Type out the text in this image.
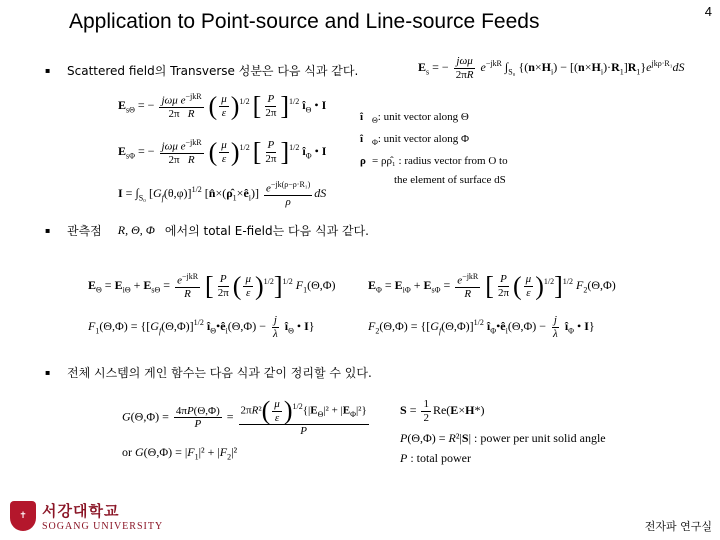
Application to Point-source and Line-source Feeds	4
▪	Scattered field의 Transverse 성분은 다음 식과 같다.	$E_s$ = − $\frac{\text{jωμ}}{2\pi R} e^{-jkR}$ $\int_{S_0}$ $\{(n\times H_i) - [(n\times H_i)\cdot R_1]R_1\}e^{jk\rho\cdot R_1}dS$
$E_{s\Theta}$ = − $\frac{j\omega\mu e^{-jkR}}{\text{2π   R}}$ ( $\frac{\mu}{\varepsilon} )^{1/2}$ [ $\frac{P}{2\pi} ]^{1/2}$ $î_\Theta$ • I
$E_{s\Phi}$ = − $\frac{j\omega\mu e^{-jkR}}{\text{2π   R}}$ ( $\frac{\mu}{\varepsilon} )^{1/2}$ [ $\frac{P}{2\pi} ]^{1/2}$ $î_\Phi$ • I
$I = \int_{S_0}$ $[G_f(\theta,\varphi)]^{1/2}$ $[n̂\times(\rhô_1\times ê_i)] \frac{e^{-jk(\rho-\rho\cdot R_1)}}{\rho}$ dS
î $_\Theta$: unit vector along Θ
î $_\Phi$: unit vector along Φ
ρ = ρρ̂₁ : radius vector from O to
the element of surface dS
▪	관측점 R, Θ, Φ 에서의 total E-field는 다음 식과 같다.
$E_\Theta = E_{i\Theta} + E_{s\Theta} = \frac{e^{-jkR}}{R}$ [ $\frac{P}{2\pi}$ ( $\frac{\mu}{\varepsilon} )^{1/2}]^{1/2}$ $F_1(\Theta,\Phi)$
$F_1(\Theta,\Phi) = \{[G_f(\Theta,\Phi)]^{1/2}$ $î_\Theta•ê_i(\Theta,\Phi) - \frac{j}{\lambda}$ $î_\Theta$ • I}
$E_\Phi = E_{i\Phi} + E_{s\Phi} = \frac{e^{-jkR}}{R}$ [ $\frac{P}{2\pi}$ ( $\frac{\mu}{\varepsilon} )^{1/2}]^{1/2}$ $F_2(\Theta,\Phi)$
$F_2(\Theta,\Phi) = \{[G_f(\Theta,\Phi)]^{1/2}$ $î_\Phi•ê_i(\Theta,\Phi) - \frac{j}{\lambda}$ $î_\Phi$ • I}
▪	전체 시스템의 게인 함수는 다음 식과 같이 정리할 수 있다.
$G(\Theta,\Phi) = \frac{4\pi P(\Theta,\Phi)}{P} = \frac{2\pi R^2( \frac{\mu}{\varepsilon} )^{1/2}\{|E_\Theta|^2 + |E_\Phi|^2\}}{P}$
or $G(\Theta,\Phi) = |F_1|^2 + |F_2|^2$
$S = \frac{1}{2} Re(E\times H*)$
P(Θ,Φ) = R²|S| : power per unit solid angle
P : total power
✝	서강대학교
SOGANG UNIVERSITY	전자파 연구실
